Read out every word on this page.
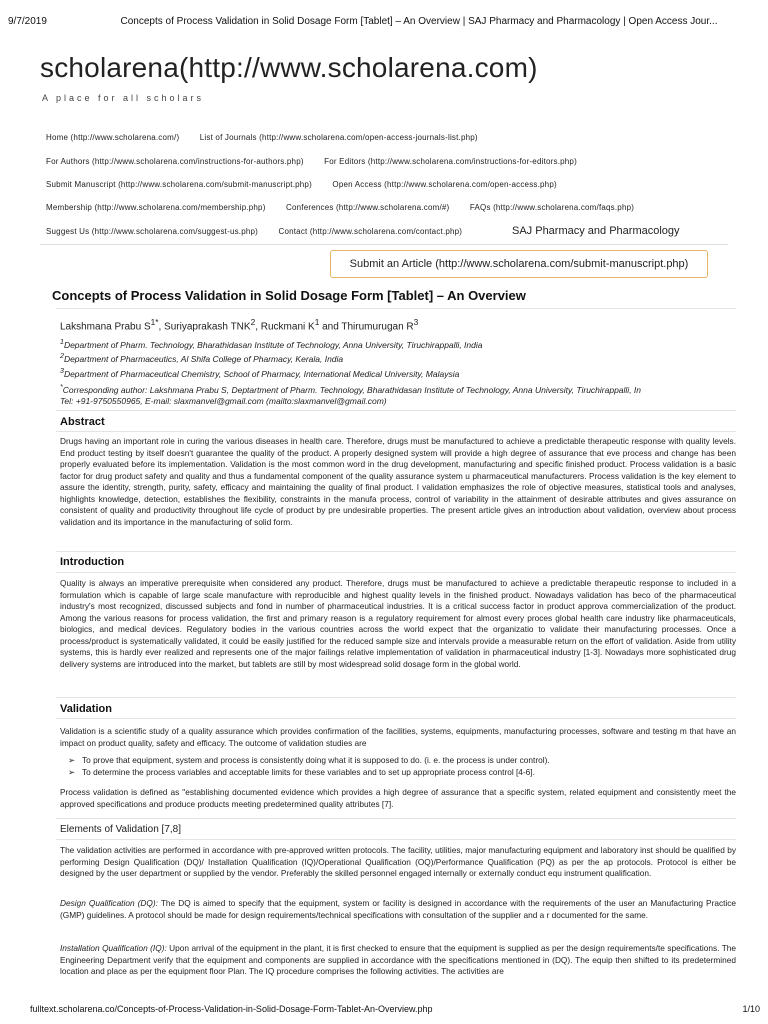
9/7/2019	Concepts of Process Validation in Solid Dosage Form [Tablet] – An Overview | SAJ Pharmacy and Pharmacology | Open Access Jour...
scholarena(http://www.scholarena.com)
A place for all scholars
Home (http://www.scholarena.com/)	List of Journals (http://www.scholarena.com/open-access-journals-list.php)
For Authors (http://www.scholarena.com/instructions-for-authors.php)	For Editors (http://www.scholarena.com/instructions-for-editors.php)
Submit Manuscript (http://www.scholarena.com/submit-manuscript.php)	Open Access (http://www.scholarena.com/open-access.php)
Membership (http://www.scholarena.com/membership.php)	Conferences (http://www.scholarena.com/#)	FAQs (http://www.scholarena.com/faqs.php)
Suggest Us (http://www.scholarena.com/suggest-us.php)	Contact (http://www.scholarena.com/contact.php)	SAJ Pharmacy and Pharmacology
Submit an Article (http://www.scholarena.com/submit-manuscript.php)
Concepts of Process Validation in Solid Dosage Form [Tablet] – An Overview
Lakshmana Prabu $S^{1*}$, Suriyaprakash TNK$^2$, Ruckmani $K^1$ and Thirumurugan $R^3$
$^1$Department of Pharm. Technology, Bharathidasan Institute of Technology, Anna University, Tiruchirappalli, India
$^2$Department of Pharmaceutics, Al Shifa College of Pharmacy, Kerala, India
$^3$Department of Pharmaceutical Chemistry, School of Pharmacy, International Medical University, Malaysia
*Corresponding author: Lakshmana Prabu S, Deptartment of Pharm. Technology, Bharathidasan Institute of Technology, Anna University, Tiruchirappalli, In
Tel: +91-9750550965, E-mail: slaxmanvel@gmail.com (mailto:slaxmanvel@gmail.com)
Abstract

Drugs having an important role in curing the various diseases in health care. Therefore, drugs must be manufactured to achieve a predictable therapeutic response with quality levels. End product testing by itself doesn't guarantee the quality of the product. A properly designed system will provide a high degree of assurance that eve process and change has been properly evaluated before its implementation. Validation is the most common word in the drug development, manufacturing and specific finished product. Process validation is a basic factor for drug product safety and quality and thus a fundamental component of the quality assurance system u pharmaceutical manufacturers. Process validation is the key element to assure the identity, strength, purity, safety, efficacy and maintaining the quality of final product. I validation emphasizes the role of objective measures, statistical tools and analyses, highlights knowledge, detection, establishes the flexibility, constraints in the manufa process, control of variability in the attainment of desirable attributes and gives assurance on consistent of quality and productivity throughout life cycle of product by pre undesirable properties. The present article gives an introduction about validation, overview about process validation and its importance in the manufacturing of solid form.

Introduction

Quality is always an imperative prerequisite when considered any product. Therefore, drugs must be manufactured to achieve a predictable therapeutic response to included in a formulation which is capable of large scale manufacture with reproducible and highest quality levels in the finished product. Nowadays validation has beco of the pharmaceutical industry's most recognized, discussed subjects and fond in number of pharmaceutical industries. It is a critical success factor in product approva commercialization of the product. Among the various reasons for process validation, the first and primary reason is a regulatory requirement for almost every proces global health care industry like pharmaceuticals, biologics, and medical devices. Regulatory bodies in the various countries across the world expect that the organizatio to validate their manufacturing processes. Once a process/product is systematically validated, it could be easily justified for the reduced sample size and intervals provide a measurable return on the effort of validation. Aside from utility systems, this is hardly ever realized and represents one of the major failings relative implementation of validation in pharmaceutical industry [1-3]. Nowadays more sophisticated drug delivery systems are introduced into the market, but tablets are still by most widespread solid dosage form in the global world.

Validation

Validation is a scientific study of a quality assurance which provides confirmation of the facilities, systems, equipments, manufacturing processes, software and testing m that have an impact on product quality, safety and efficacy. The outcome of validation studies are

➢ To prove that equipment, system and process is consistently doing what it is supposed to do. (i. e. the process is under control).
➢ To determine the process variables and acceptable limits for these variables and to set up appropriate process control [4-6].

Process validation is defined as "establishing documented evidence which provides a high degree of assurance that a specific system, related equipment and consistently meet the approved specifications and produce products meeting predetermined quality attributes [7].

Elements of Validation [7,8]

The validation activities are performed in accordance with pre-approved written protocols. The facility, utilities, major manufacturing equipment and laboratory inst should be qualified by performing Design Qualification (DQ)/ Installation Qualification (IQ)/Operational Qualification (OQ)/Performance Qualification (PQ) as per the ap protocols. Protocol is either be designed by the user department or supplied by the vendor. Preferably the skilled personnel engaged internally or externally conduct equ instrument qualification.

Design Qualification (DQ): The DQ is aimed to specify that the equipment, system or facility is designed in accordance with the requirements of the user an Manufacturing Practice (GMP) guidelines. A protocol should be made for design requirements/technical specifications with consultation of the supplier and a r documented for the same.

Installation Qualification (IQ): Upon arrival of the equipment in the plant, it is first checked to ensure that the equipment is supplied as per the design requirements/te specifications. The Engineering Department verify that the equipment and components are supplied in accordance with the specifications mentioned in (DQ). The equip then shifted to its predetermined location and place as per the equipment floor Plan. The IQ procedure comprises the following activities. The activities are

fulltext.scholarena.co/Concepts-of-Process-Validation-in-Solid-Dosage-Form-Tablet-An-Overview.php	1/10
